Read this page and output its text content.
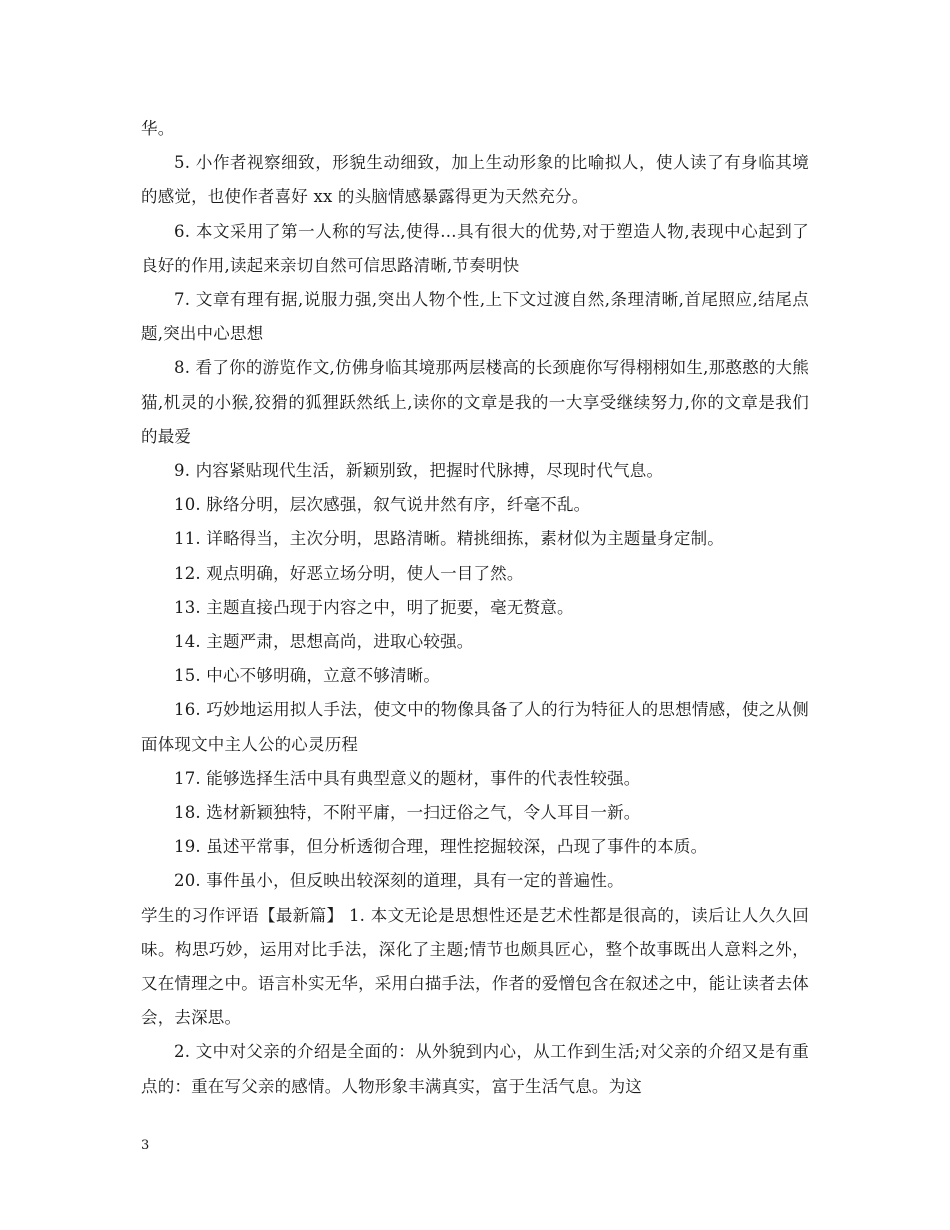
华。

5. 小作者视察细致，形貌生动细致，加上生动形象的比喻拟人，使人读了有身临其境的感觉，也使作者喜好 xx 的头脑情感暴露得更为天然充分。

6. 本文采用了第一人称的写法,使得…具有很大的优势,对于塑造人物,表现中心起到了良好的作用,读起来亲切自然可信思路清晰,节奏明快

7. 文章有理有据,说服力强,突出人物个性,上下文过渡自然,条理清晰,首尾照应,结尾点题,突出中心思想

8. 看了你的游览作文,仿佛身临其境那两层楼高的长颈鹿你写得栩栩如生,那憨憨的大熊猫,机灵的小猴,狡猾的狐狸跃然纸上,读你的文章是我的一大享受继续努力,你的文章是我们的最爱

9. 内容紧贴现代生活，新颖别致，把握时代脉搏，尽现时代气息。

10. 脉络分明，层次感强，叙气说井然有序，纤毫不乱。

11. 详略得当，主次分明，思路清晰。精挑细拣，素材似为主题量身定制。

12. 观点明确，好恶立场分明，使人一目了然。

13. 主题直接凸现于内容之中，明了扼要，毫无赘意。

14. 主题严肃，思想高尚，进取心较强。

15. 中心不够明确，立意不够清晰。

16. 巧妙地运用拟人手法，使文中的物像具备了人的行为特征人的思想情感，使之从侧面体现文中主人公的心灵历程

17. 能够选择生活中具有典型意义的题材，事件的代表性较强。

18. 选材新颖独特，不附平庸，一扫迂俗之气，令人耳目一新。

19. 虽述平常事，但分析透彻合理，理性挖掘较深，凸现了事件的本质。

20. 事件虽小，但反映出较深刻的道理，具有一定的普遍性。

学生的习作评语【最新篇】 1. 本文无论是思想性还是艺术性都是很高的，读后让人久久回味。构思巧妙，运用对比手法，深化了主题;情节也颇具匠心，整个故事既出人意料之外，又在情理之中。语言朴实无华，采用白描手法，作者的爱憎包含在叙述之中，能让读者去体会，去深思。

2. 文中对父亲的介绍是全面的：从外貌到内心，从工作到生活;对父亲的介绍又是有重点的：重在写父亲的感情。人物形象丰满真实，富于生活气息。为这

3
